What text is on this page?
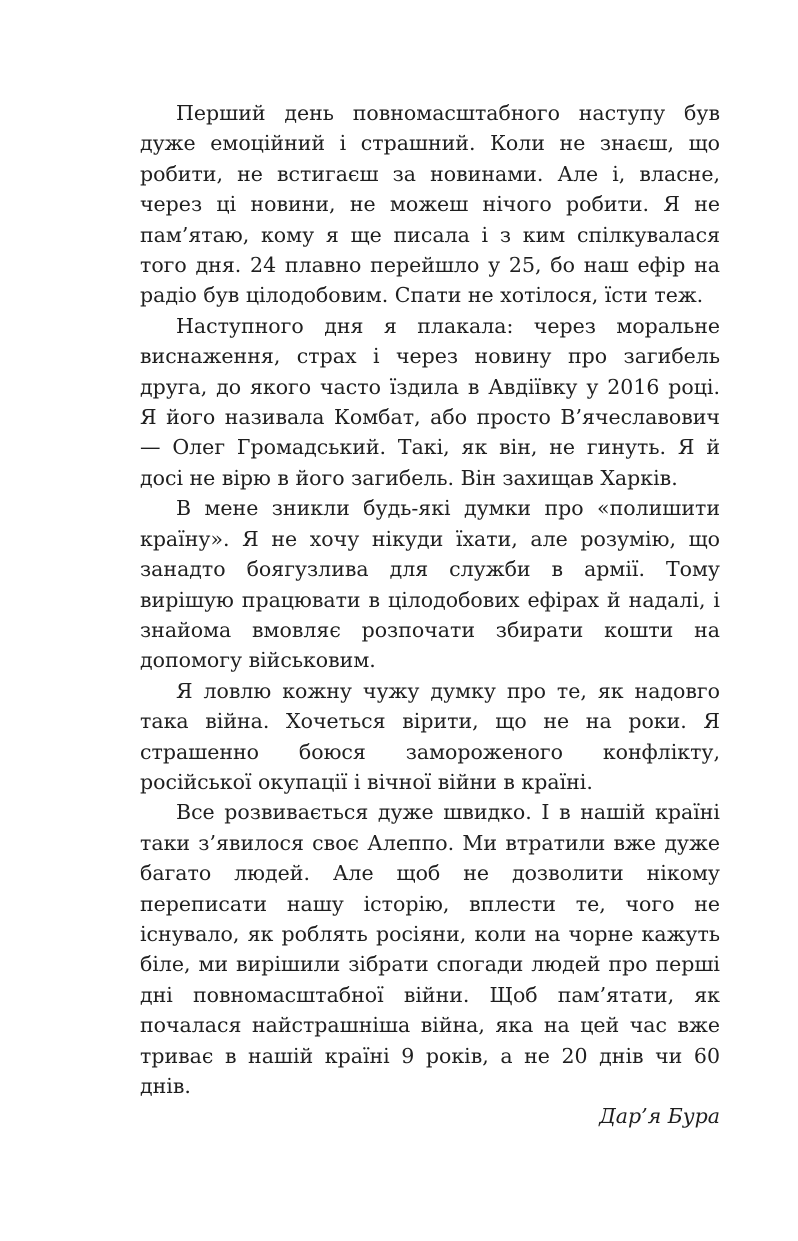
Перший день повномасштабного наступу був дуже емоційний і страшний. Коли не знаєш, що робити, не встигаєш за новинами. Але і, власне, через ці новини, не можеш нічого робити. Я не пам’ятаю, кому я ще писала і з ким спілкувалася того дня. 24 плавно перейшло у 25, бо наш ефір на радіо був цілодобовим. Спати не хотілося, їсти теж.

Наступного дня я плакала: через моральне виснаження, страх і через новину про загибель друга, до якого часто їздила в Авдіївку у 2016 році. Я його називала Комбат, або просто В’ячеславович — Олег Громадський. Такі, як він, не гинуть. Я й досі не вірю в його загибель. Він захищав Харків.

В мене зникли будь-які думки про «полишити країну». Я не хочу нікуди їхати, але розумію, що занадто боягузлива для служби в армії. Тому вирішую працювати в цілодобових ефірах й надалі, і знайома вмовляє розпочати збирати кошти на допомогу військовим.

Я ловлю кожну чужу думку про те, як надовго така війна. Хочеться вірити, що не на роки. Я страшенно боюся замороженого конфлікту, російської окупації і вічної війни в країні.

Все розвивається дуже швидко. І в нашій країні таки з’явилося своє Алеппо. Ми втратили вже дуже багато людей. Але щоб не дозволити нікому переписати нашу історію, вплести те, чого не існувало, як роблять росіяни, коли на чорне кажуть біле, ми вирішили зібрати спогади людей про перші дні повномасштабної війни. Щоб пам’ятати, як почалася найстрашніша війна, яка на цей час вже триває в нашій країні 9 років, а не 20 днів чи 60 днів.

Дар’я Бура
